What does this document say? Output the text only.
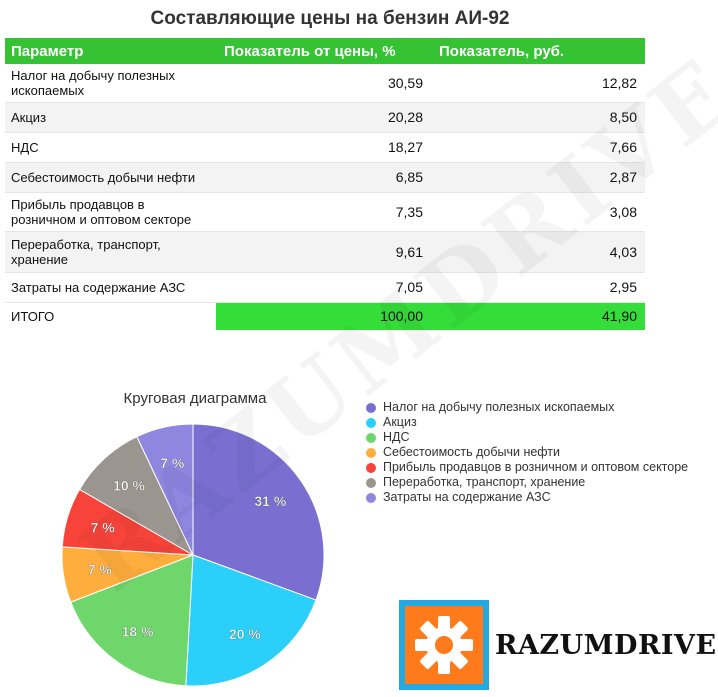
Составляющие цены на бензин АИ-92
Параметр	Показатель от цены, %	Показатель, руб.
Налог на добычу полезных ископаемых	30,59	12,82
Акциз	20,28	8,50
НДС	18,27	7,66
Себестоимость добычи нефти	6,85	2,87
Прибыль продавцов в розничном и оптовом секторе	7,35	3,08
Переработка, транспорт, хранение	9,61	4,03
Затраты на содержание АЗС	7,05	2,95
ИТОГО	100,00	41,90
Круговая диаграмма
31 %
20 %
18 %
7 %
7 %
10 %
7 %
Налог на добычу полезных ископаемых
Акциз
НДС
Себестоимость добычи нефти
Прибыль продавцов в розничном и оптовом секторе
Переработка, транспорт, хранение
Затраты на содержание АЗС
RAZUMDRIVE
